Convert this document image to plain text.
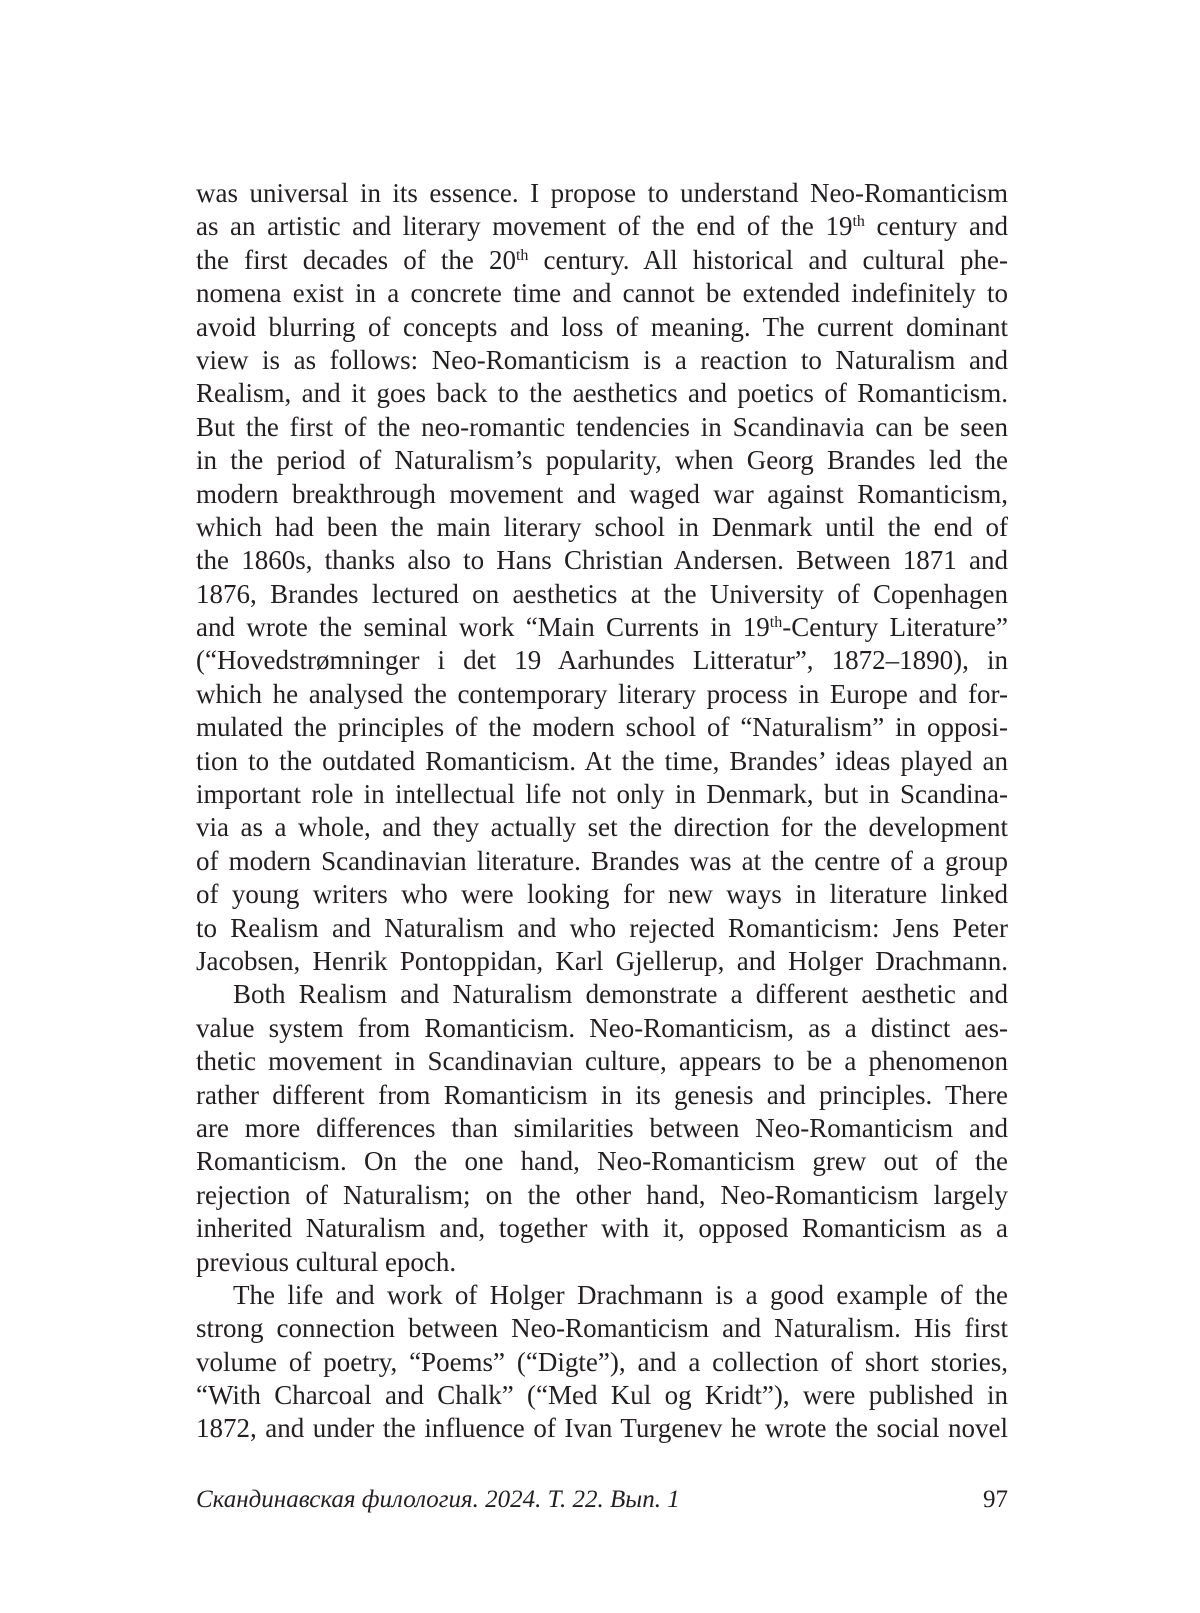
was universal in its essence. I propose to understand Neo-Romanticism
as an artistic and literary movement of the end of the 19th century and
the first decades of the 20th century. All historical and cultural phe-
nomena exist in a concrete time and cannot be extended indefinitely to
avoid blurring of concepts and loss of meaning. The current dominant
view is as follows: Neo-Romanticism is a reaction to Naturalism and
Realism, and it goes back to the aesthetics and poetics of Romanticism.
But the first of the neo-romantic tendencies in Scandinavia can be seen
in the period of Naturalism’s popularity, when Georg Brandes led the
modern breakthrough movement and waged war against Romanticism,
which had been the main literary school in Denmark until the end of
the 1860s, thanks also to Hans Christian Andersen. Between 1871 and
1876, Brandes lectured on aesthetics at the University of Copenhagen
and wrote the seminal work “Main Currents in 19th-Century Literature”
(“Hovedstrømninger i det 19 Aarhundes Litteratur”, 1872–1890), in
which he analysed the contemporary literary process in Europe and for-
mulated the principles of the modern school of “Naturalism” in opposi-
tion to the outdated Romanticism. At the time, Brandes’ ideas played an
important role in intellectual life not only in Denmark, but in Scandina-
via as a whole, and they actually set the direction for the development
of modern Scandinavian literature. Brandes was at the centre of a group
of young writers who were looking for new ways in literature linked
to Realism and Naturalism and who rejected Romanticism: Jens Peter
Jacobsen, Henrik Pontoppidan, Karl Gjellerup, and Holger Drachmann.
Both Realism and Naturalism demonstrate a different aesthetic and
value system from Romanticism. Neo-Romanticism, as a distinct aes-
thetic movement in Scandinavian culture, appears to be a phenomenon
rather different from Romanticism in its genesis and principles. There
are more differences than similarities between Neo-Romanticism and
Romanticism. On the one hand, Neo-Romanticism grew out of the
rejection of Naturalism; on the other hand, Neo-Romanticism largely
inherited Naturalism and, together with it, opposed Romanticism as a
previous cultural epoch.
The life and work of Holger Drachmann is a good example of the
strong connection between Neo-Romanticism and Naturalism. His first
volume of poetry, “Poems” (“Digte”), and a collection of short stories,
“With Charcoal and Chalk” (“Med Kul og Kridt”), were published in
1872, and under the influence of Ivan Turgenev he wrote the social novel
Скандинавская филология. 2024. Т. 22. Вып. 1	97
